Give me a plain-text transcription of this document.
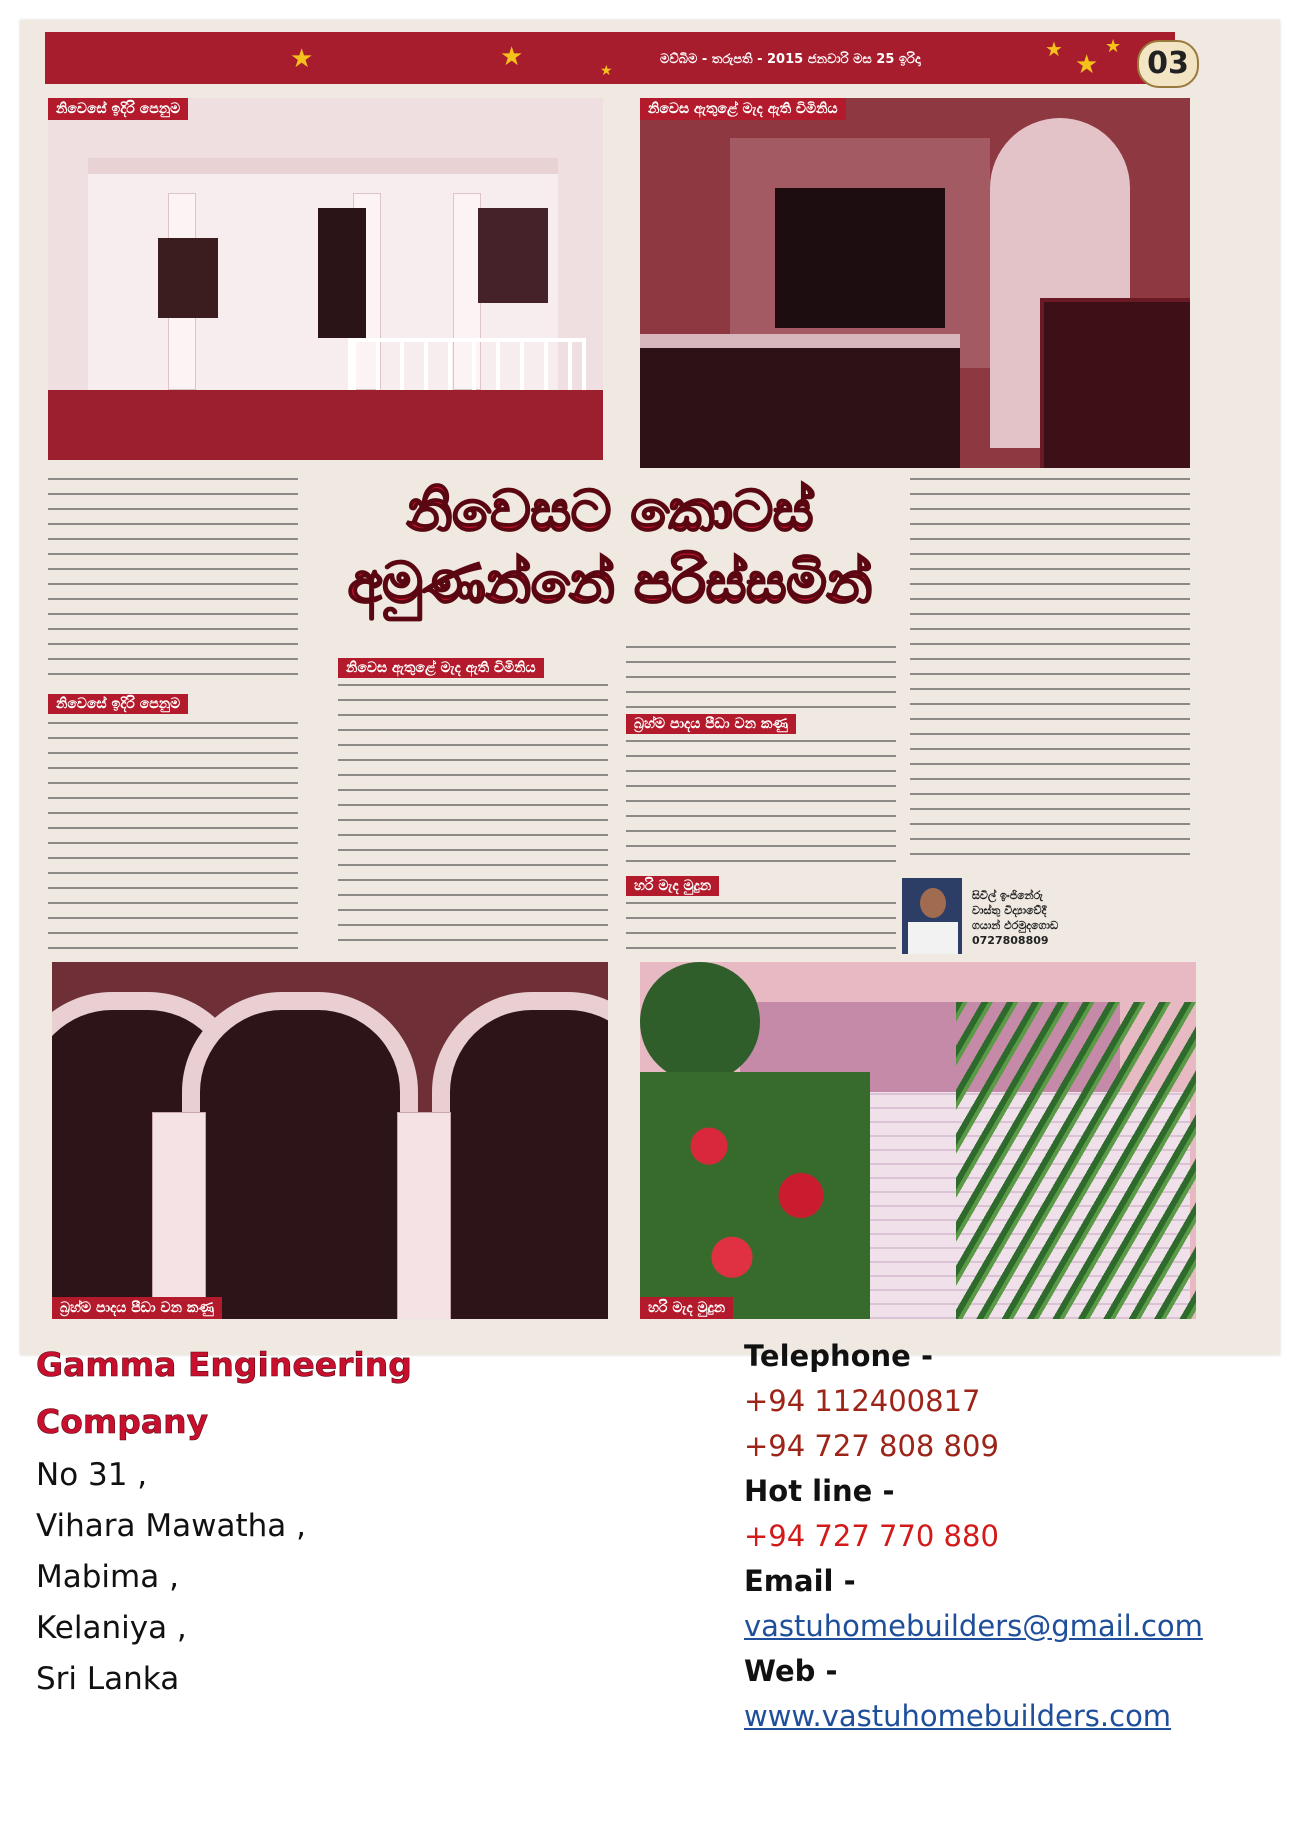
★	★	★
★
★
★
මව්බිම - තරුපති - 2015 ජනවාරි මස 25 ඉරිදා	03
නිවෙසේ ඉදිරි පෙනුම	නිවෙස ඇතුළේ මැද ඇති චිමිනිය
නිවෙසට කොටස්
අමුණන්නේ පරිස්සමින්
නිවෙසේ ඉදිරි පෙනුම
නිවෙස ඇතුළේ මැද ඇති චිමිනිය
බ්‍රහ්ම පාදය පීඩා වන කණු
හරි මැද මුදුන
සිවිල් ඉංජිනේරු
වාස්තු විද්‍යාවේදී
ගයාන් ඵරමුදගොඩ
0727808809
බ්‍රහ්ම පාදය පීඩා වන කණු	හරි මැද මුදුන
Gamma Engineering
Company
No 31 ,
Vihara Mawatha ,
Mabima ,
Kelaniya ,
Sri Lanka
Telephone -
+94 112400817
+94 727 808 809
Hot line -
+94 727 770 880
Email -
vastuhomebuilders@gmail.com
Web -
www.vastuhomebuilders.com
